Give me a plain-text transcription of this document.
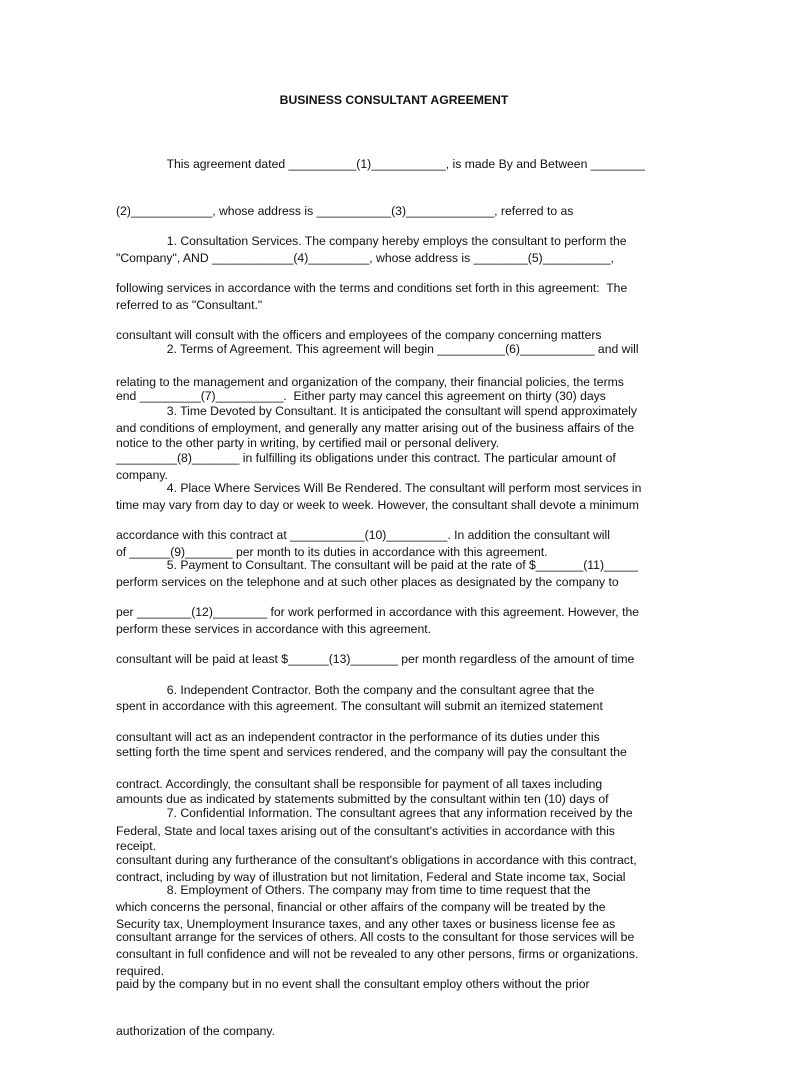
BUSINESS CONSULTANT AGREEMENT

This agreement dated __________(1)___________, is made By and Between ________

(2)____________, whose address is ___________(3)_____________, referred to as

"Company", AND ____________(4)_________, whose address is ________(5)__________,

referred to as "Consultant."

1. Consultation Services. The company hereby employs the consultant to perform the

following services in accordance with the terms and conditions set forth in this agreement:  The

consultant will consult with the officers and employees of the company concerning matters

relating to the management and organization of the company, their financial policies, the terms

and conditions of employment, and generally any matter arising out of the business affairs of the

company.

2. Terms of Agreement. This agreement will begin __________(6)___________ and will

end _________(7)__________.  Either party may cancel this agreement on thirty (30) days

notice to the other party in writing, by certified mail or personal delivery.

3. Time Devoted by Consultant. It is anticipated the consultant will spend approximately

_________(8)_______ in fulfilling its obligations under this contract. The particular amount of

time may vary from day to day or week to week. However, the consultant shall devote a minimum

of ______(9)_______ per month to its duties in accordance with this agreement.

4. Place Where Services Will Be Rendered. The consultant will perform most services in

accordance with this contract at ___________(10)_________. In addition the consultant will

perform services on the telephone and at such other places as designated by the company to

perform these services in accordance with this agreement.

5. Payment to Consultant. The consultant will be paid at the rate of $_______(11)_____

per ________(12)________ for work performed in accordance with this agreement. However, the

consultant will be paid at least $______(13)_______ per month regardless of the amount of time

spent in accordance with this agreement. The consultant will submit an itemized statement

setting forth the time spent and services rendered, and the company will pay the consultant the

amounts due as indicated by statements submitted by the consultant within ten (10) days of

receipt.

6. Independent Contractor. Both the company and the consultant agree that the

consultant will act as an independent contractor in the performance of its duties under this

contract. Accordingly, the consultant shall be responsible for payment of all taxes including

Federal, State and local taxes arising out of the consultant's activities in accordance with this

contract, including by way of illustration but not limitation, Federal and State income tax, Social

Security tax, Unemployment Insurance taxes, and any other taxes or business license fee as

required.

7. Confidential Information. The consultant agrees that any information received by the

consultant during any furtherance of the consultant's obligations in accordance with this contract,

which concerns the personal, financial or other affairs of the company will be treated by the

consultant in full confidence and will not be revealed to any other persons, firms or organizations.

8. Employment of Others. The company may from time to time request that the

consultant arrange for the services of others. All costs to the consultant for those services will be

paid by the company but in no event shall the consultant employ others without the prior

authorization of the company.
